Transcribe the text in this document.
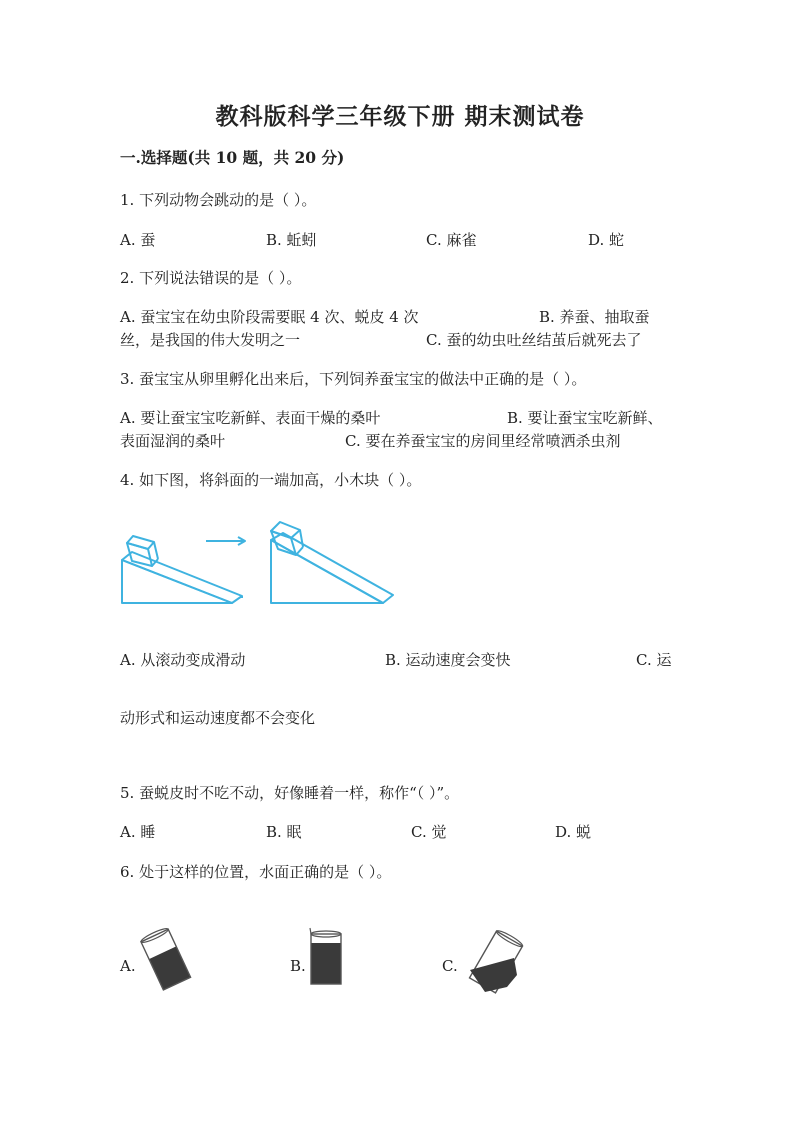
教科版科学三年级下册 期末测试卷
一.选择题(共 10 题，共 20 分)
1. 下列动物会跳动的是（ ）。
A. 蚕	B. 蚯蚓	C. 麻雀	D. 蛇
2. 下列说法错误的是（ ）。
A. 蚕宝宝在幼虫阶段需要眠 4 次、蜕皮 4 次	B. 养蚕、抽取蚕
丝，是我国的伟大发明之一	C. 蚕的幼虫吐丝结茧后就死去了
3. 蚕宝宝从卵里孵化出来后，下列饲养蚕宝宝的做法中正确的是（ ）。
A. 要让蚕宝宝吃新鲜、表面干燥的桑叶	B. 要让蚕宝宝吃新鲜、
表面湿润的桑叶	C. 要在养蚕宝宝的房间里经常喷洒杀虫剂
4. 如下图，将斜面的一端加高，小木块（ ）。
A. 从滚动变成滑动	B. 运动速度会变快	C. 运
动形式和运动速度都不会变化
5. 蚕蜕皮时不吃不动，好像睡着一样，称作“（ ）”。
A. 睡	B. 眠	C. 觉	D. 蜕
6. 处于这样的位置，水面正确的是（ ）。
A.	B.	C.
